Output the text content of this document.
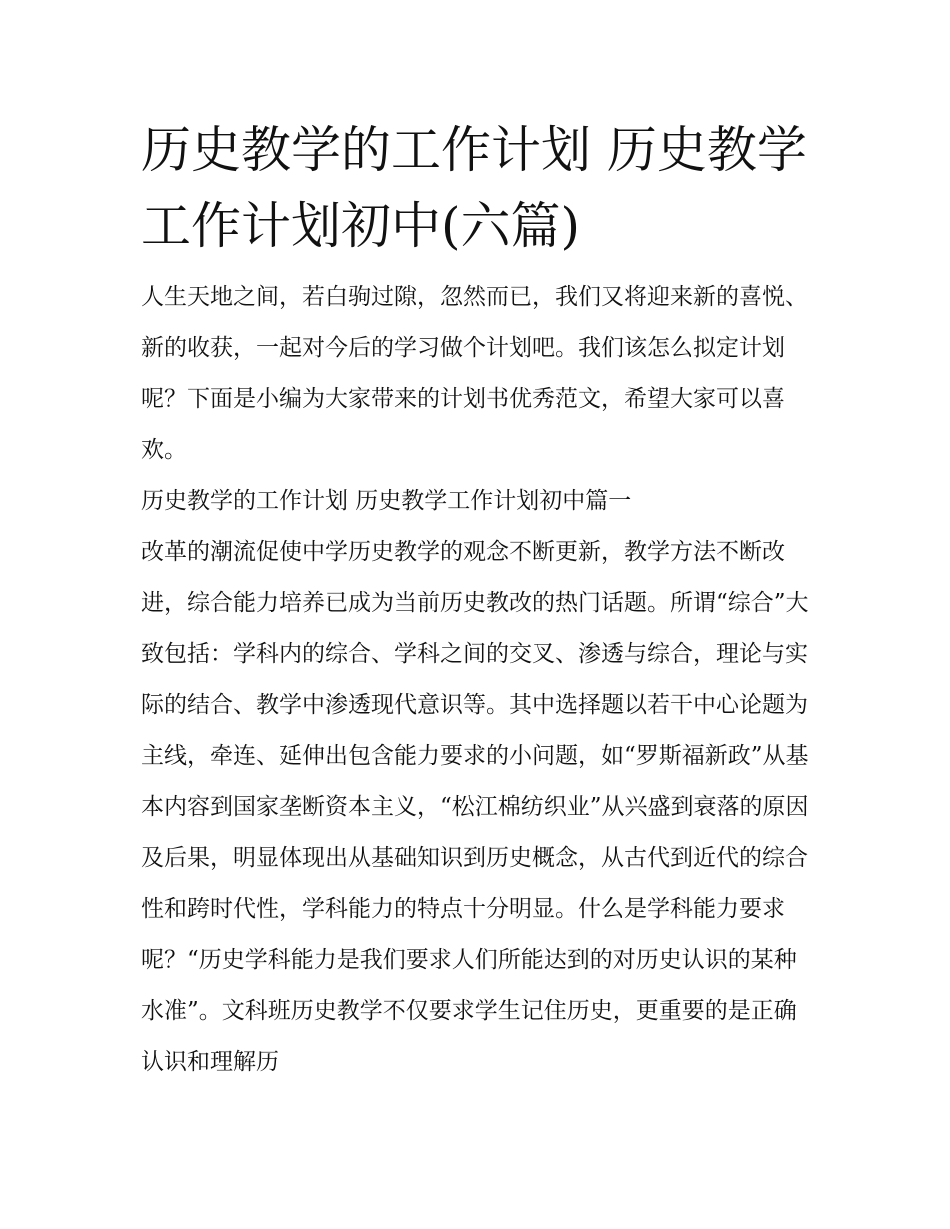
历史教学的工作计划 历史教学工作计划初中(六篇)

人生天地之间，若白驹过隙，忽然而已，我们又将迎来新的喜悦、新的收获，一起对今后的学习做个计划吧。我们该怎么拟定计划呢？下面是小编为大家带来的计划书优秀范文，希望大家可以喜欢。

历史教学的工作计划 历史教学工作计划初中篇一

改革的潮流促使中学历史教学的观念不断更新，教学方法不断改进，综合能力培养已成为当前历史教改的热门话题。所谓“综合”大致包括：学科内的综合、学科之间的交叉、渗透与综合，理论与实际的结合、教学中渗透现代意识等。其中选择题以若干中心论题为主线，牵连、延伸出包含能力要求的小问题，如“罗斯福新政”从基本内容到国家垄断资本主义，“松江棉纺织业”从兴盛到衰落的原因及后果，明显体现出从基础知识到历史概念，从古代到近代的综合性和跨时代性，学科能力的特点十分明显。什么是学科能力要求呢？“历史学科能力是我们要求人们所能达到的对历史认识的某种水准”。文科班历史教学不仅要求学生记住历史，更重要的是正确认识和理解历
